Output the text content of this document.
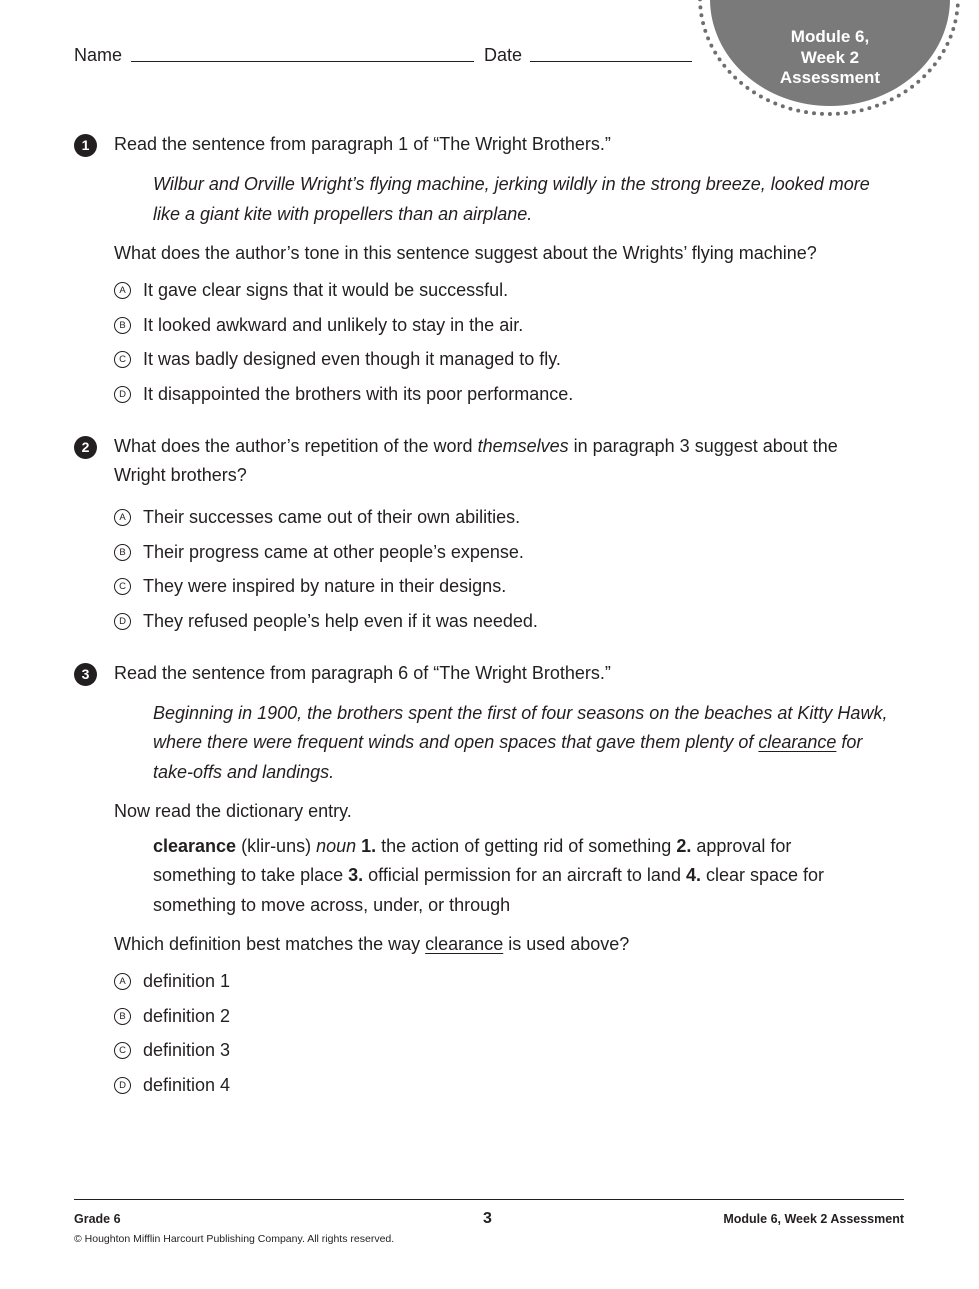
Name	Date
Module 6,
Week 2
Assessment
1	Read the sentence from paragraph 1 of “The Wright Brothers.”
Wilbur and Orville Wright’s flying machine, jerking wildly in the strong breeze, looked more
like a giant kite with propellers than an airplane.
What does the author’s tone in this sentence suggest about the Wrights’ flying machine?
A It gave clear signs that it would be successful.
B It looked awkward and unlikely to stay in the air.
C It was badly designed even though it managed to fly.
D It disappointed the brothers with its poor performance.
2	What does the author’s repetition of the word themselves in paragraph 3 suggest about the
Wright brothers?
A Their successes came out of their own abilities.
B Their progress came at other people’s expense.
C They were inspired by nature in their designs.
D They refused people’s help even if it was needed.
3	Read the sentence from paragraph 6 of “The Wright Brothers.”
Beginning in 1900, the brothers spent the first of four seasons on the beaches at Kitty Hawk,
where there were frequent winds and open spaces that gave them plenty of clearance for
take-offs and landings.
Now read the dictionary entry.
clearance (klir-uns) noun 1. the action of getting rid of something 2. approval for
something to take place 3. official permission for an aircraft to land 4. clear space for
something to move across, under, or through
Which definition best matches the way clearance is used above?
A definition 1
B definition 2
C definition 3
D definition 4
Grade 6	3	Module 6, Week 2 Assessment
© Houghton Mifflin Harcourt Publishing Company. All rights reserved.
